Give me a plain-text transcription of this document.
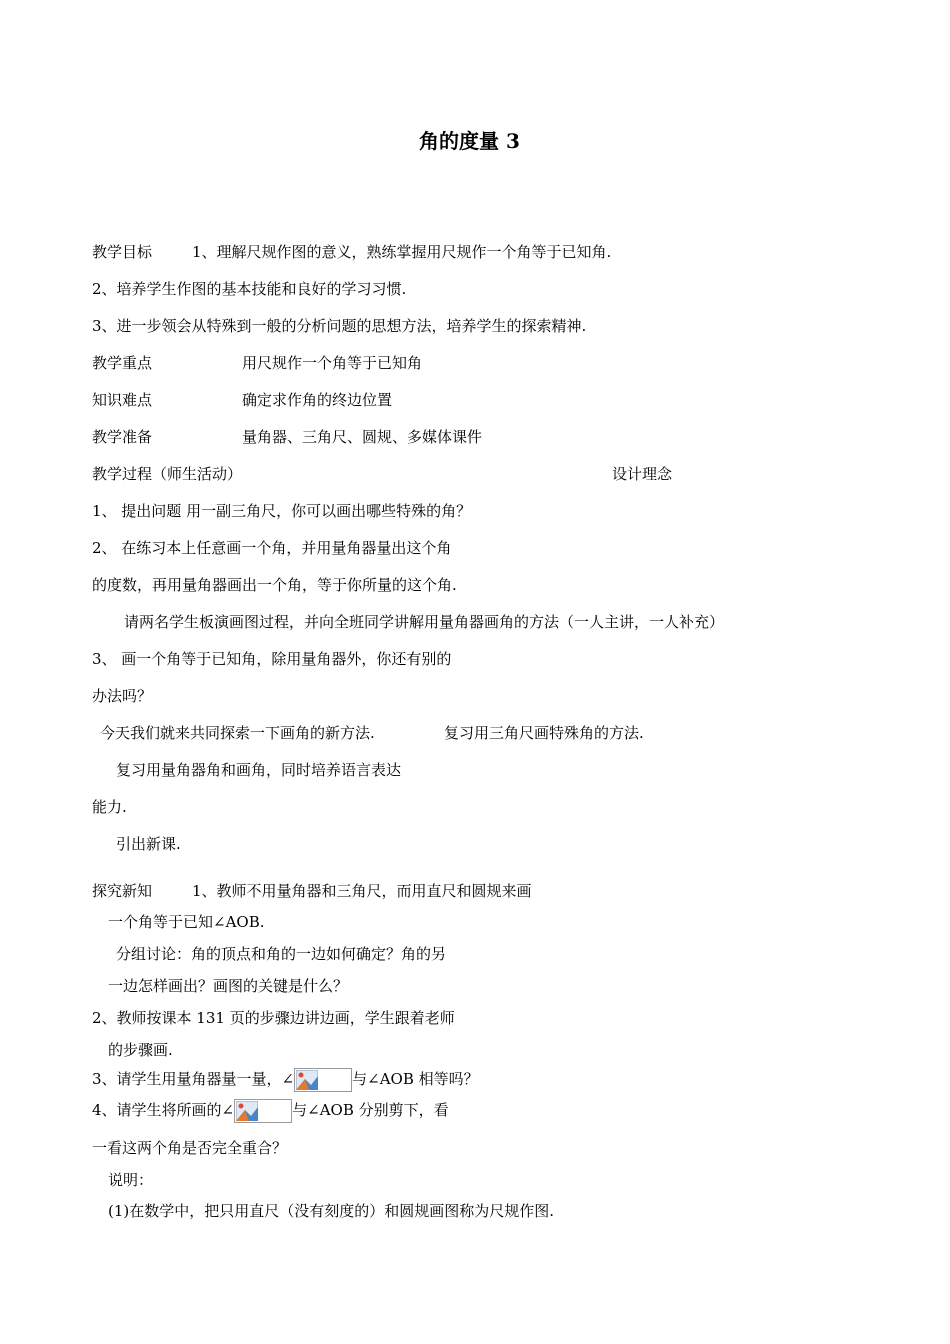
角的度量 3
教学目标	1、理解尺规作图的意义，熟练掌握用尺规作一个角等于已知角.
2、培养学生作图的基本技能和良好的学习习惯.
3、进一步领会从特殊到一般的分析问题的思想方法，培养学生的探索精神.
教学重点	用尺规作一个角等于已知角
知识难点	确定求作角的终边位置
教学准备	量角器、三角尺、圆规、多媒体课件
教学过程（师生活动）	设计理念
1、 提出问题 用一副三角尺，你可以画出哪些特殊的角？
2、 在练习本上任意画一个角，并用量角器量出这个角
的度数，再用量角器画出一个角，等于你所量的这个角.
请两名学生板演画图过程，并向全班同学讲解用量角器画角的方法（一人主讲，一人补充）
3、 画一个角等于已知角，除用量角器外，你还有别的
办法吗？
今天我们就来共同探索一下画角的新方法.	复习用三角尺画特殊角的方法.
复习用量角器角和画角，同时培养语言表达
能力.
引出新课.
探究新知	1、教师不用量角器和三角尺，而用直尺和圆规来画
一个角等于已知∠AOB.
分组讨论：角的顶点和角的一边如何确定？角的另
一边怎样画出？画图的关键是什么？
2、教师按课本 131 页的步骤边讲边画，学生跟着老师
的步骤画.
3、请学生用量角器量一量，∠	与∠AOB 相等吗？
4、请学生将所画的∠	与∠AOB 分别剪下，看
一看这两个角是否完全重合？
说明：
(1)在数学中，把只用直尺（没有刻度的）和圆规画图称为尺规作图.
